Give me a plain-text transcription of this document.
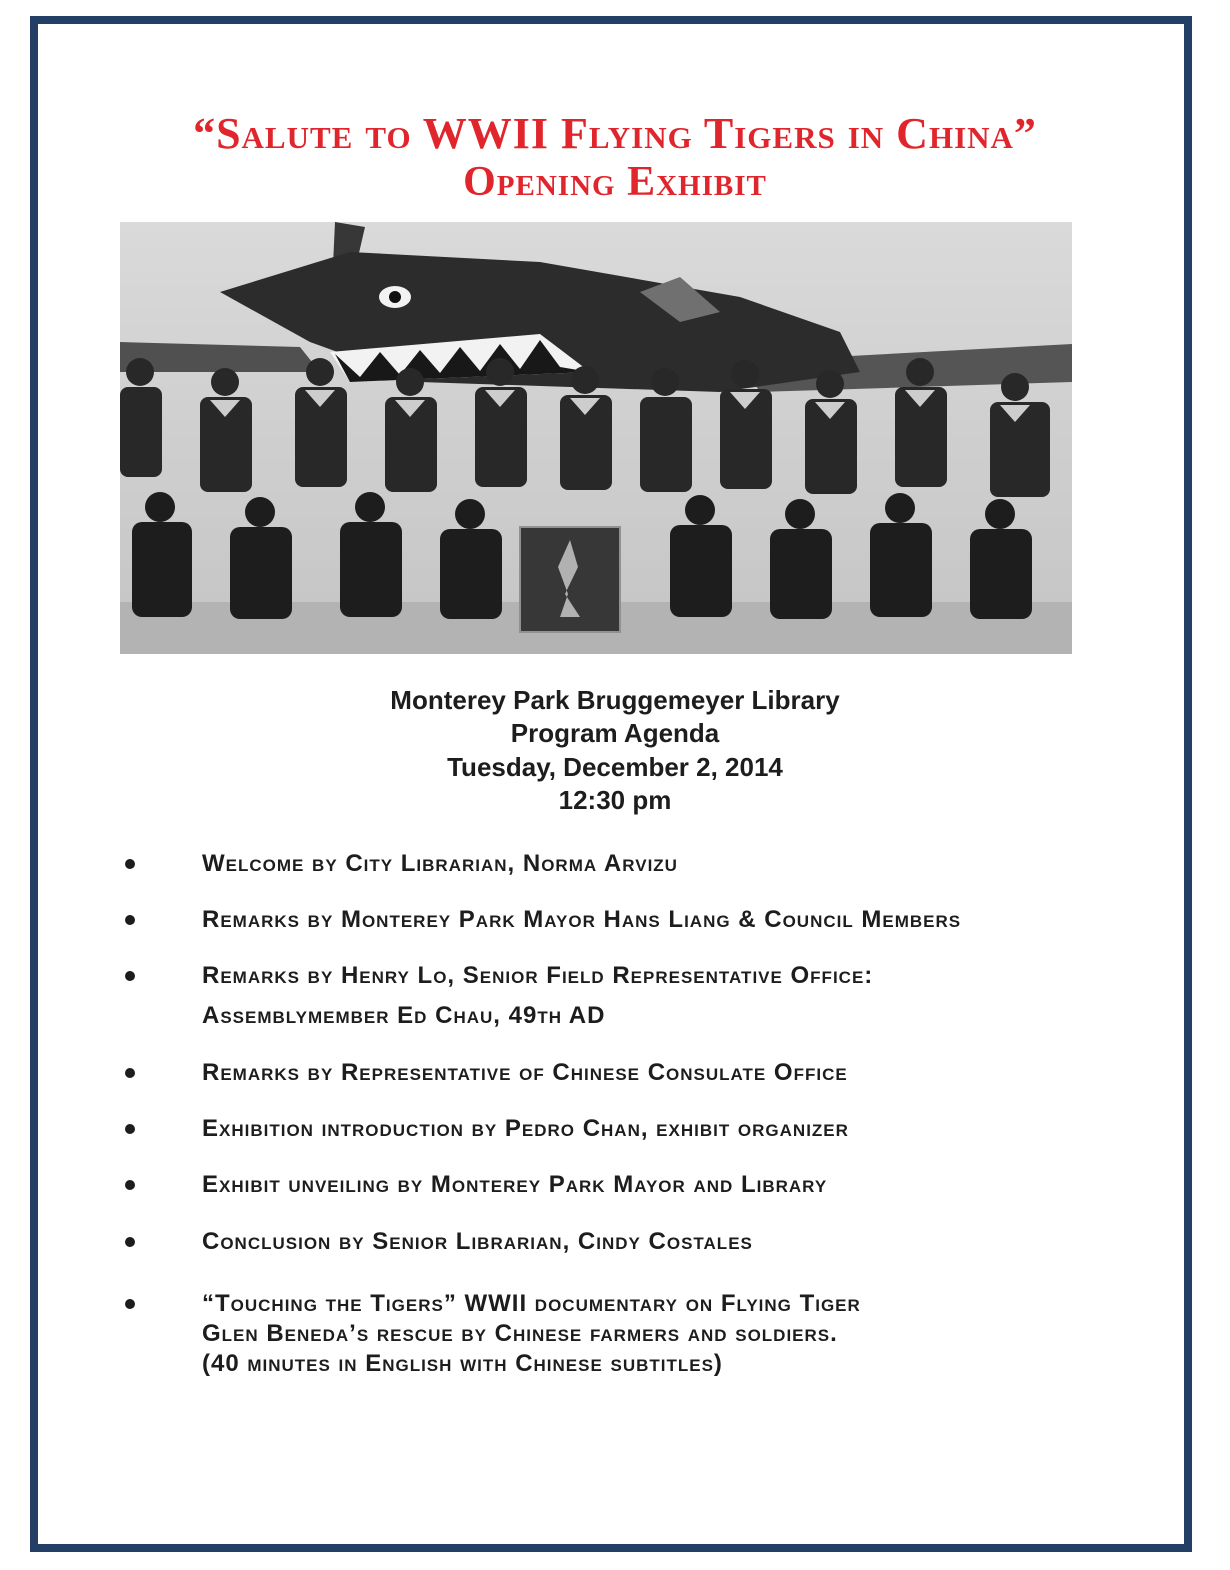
“Salute to WWII Flying Tigers in China”
Opening Exhibit

Monterey Park Bruggemeyer Library

Program Agenda

Tuesday, December 2, 2014

12:30 pm

Welcome by City Librarian, Norma Arvizu

Remarks by Monterey Park Mayor Hans Liang & Council Members

Remarks by Henry Lo, Senior Field Representative Office:

Assemblymember Ed Chau, 49th AD

Remarks by Representative of Chinese Consulate Office

Exhibition introduction by Pedro Chan, exhibit organizer

Exhibit unveiling by Monterey Park Mayor and Library

Conclusion by Senior Librarian, Cindy Costales

“Touching the Tigers” WWII documentary on Flying Tiger

Glen Beneda’s rescue by Chinese farmers and soldiers.

(40 minutes in English with Chinese subtitles)
